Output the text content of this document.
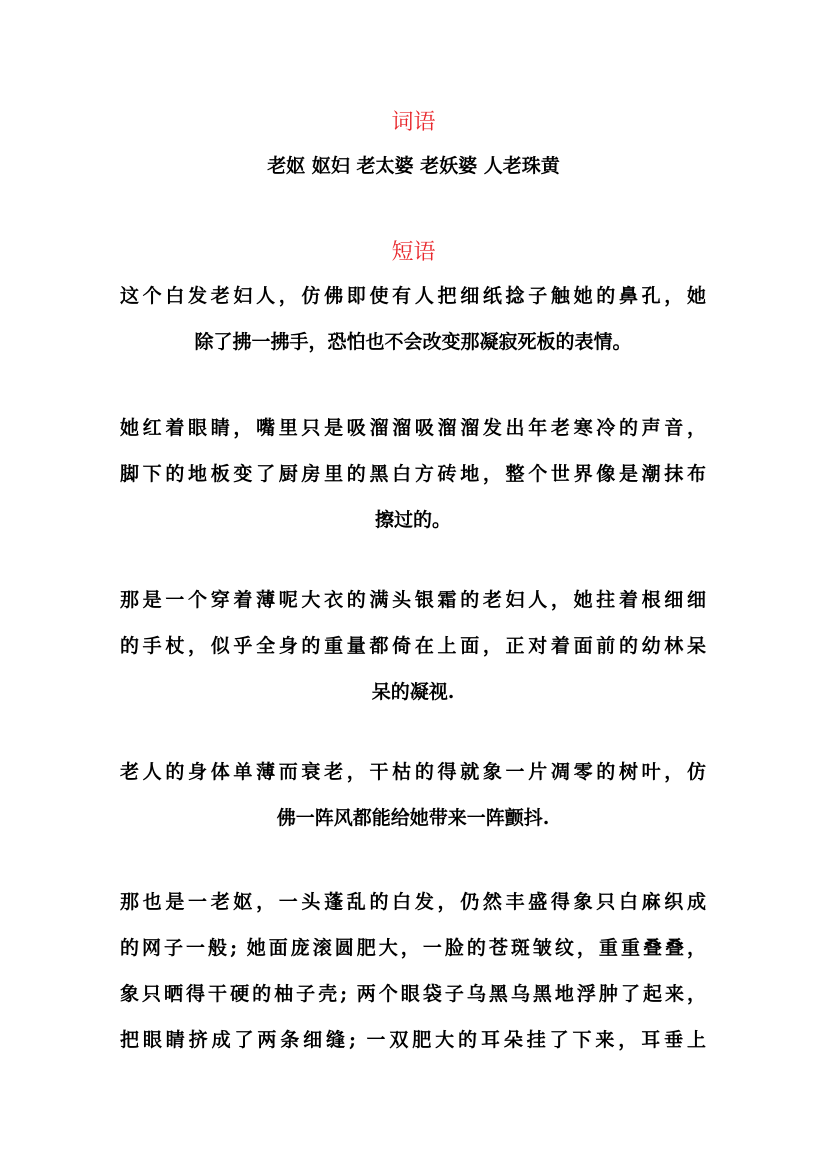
词语
老妪 妪妇 老太婆 老妖婆 人老珠黄
短语
这个白发老妇人，仿佛即使有人把细纸捻子触她的鼻孔，她
除了拂一拂手，恐怕也不会改变那凝寂死板的表情。
她红着眼睛，嘴里只是吸溜溜吸溜溜发出年老寒冷的声音，
脚下的地板变了厨房里的黑白方砖地，整个世界像是潮抹布
擦过的。
那是一个穿着薄呢大衣的满头银霜的老妇人，她拄着根细细
的手杖，似乎全身的重量都倚在上面，正对着面前的幼林呆
呆的凝视.
老人的身体单薄而衰老，干枯的得就象一片凋零的树叶，仿
佛一阵风都能给她带来一阵颤抖.
那也是一老妪，一头蓬乱的白发，仍然丰盛得象只白麻织成
的网子一般; 她面庞滚圆肥大，一脸的苍斑皱纹，重重叠叠，
象只晒得干硬的柚子壳; 两个眼袋子乌黑乌黑地浮肿了起来，
把眼睛挤成了两条细缝; 一双肥大的耳朵挂了下来，耳垂上
